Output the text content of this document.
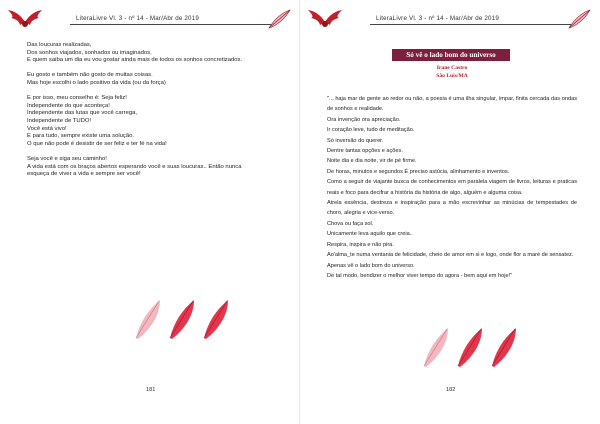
LiteraLivre Vl. 3 - nº 14 - Mar/Abr de 2019

Das loucuras realizadas,

Dos sonhos viajados, sonhados ou imaginados.

E quem saiba um dia eu vou gostar ainda mais de todos os sonhos concretizados.

Eu gosto e também não gosto de muitas coisas.

Mas hoje escolhi o lado positivo da vida (ou da força)

E por isso, meu conselho é: Seja feliz!

Independente do que aconteça!

Independente das lutas que você carrega,

Independente de TUDO!

Você está vivo!

E para tudo, sempre existe uma solução.

O que não pode é desistir de ser feliz e ter fé na vida!

Seja você e siga seu caminho!

A vida está com os braços abertos esperando você e suas loucuras.. Então nunca

esqueça de viver a vida e sempre ser você!

181
LiteraLivre Vl. 3 - nº 14 - Mar/Abr de 2019
Só vê o lado bom do universo
Irane Castro
São Luís/MA

"... haja mar de gente ao redor ou não, a poesia é uma ilha singular, ímpar, finita cercada das ondas de sonhos e realidade.

Ora invenção ora apreciação.

Ir coração leve, tudo de meditação.

Só inversão do querer.

Dentre tantas opções e ações.

Noite dia e dia noite, vir de pé firme.

De horas, minutos e segundos É preciso astúcia, alinhamento e inventos.

Como a seguir de viajante busca de conhecimentos em paralela viagem de livros, leituras e praticas reais e foco para decifrar a história da história de algo, alguém e alguma coisa.

Atrela essência, destreza e inspiração para a mão escrevinhar as minúcias de tempestades de choro, alegria e vice-verso.

Chova ou faça sol.

Unicamente leva aquilo que creia..

Respira, inspira e não pira.

Ao'alma_te numa ventania de felicidade, cheio de amor em si e logo, onde flor a maré de sensatez.

Apenas vê o lado bom do universo.

De tal modo, bendizer o melhor viver tempo do agora - bem aqui em hoje!"

182
